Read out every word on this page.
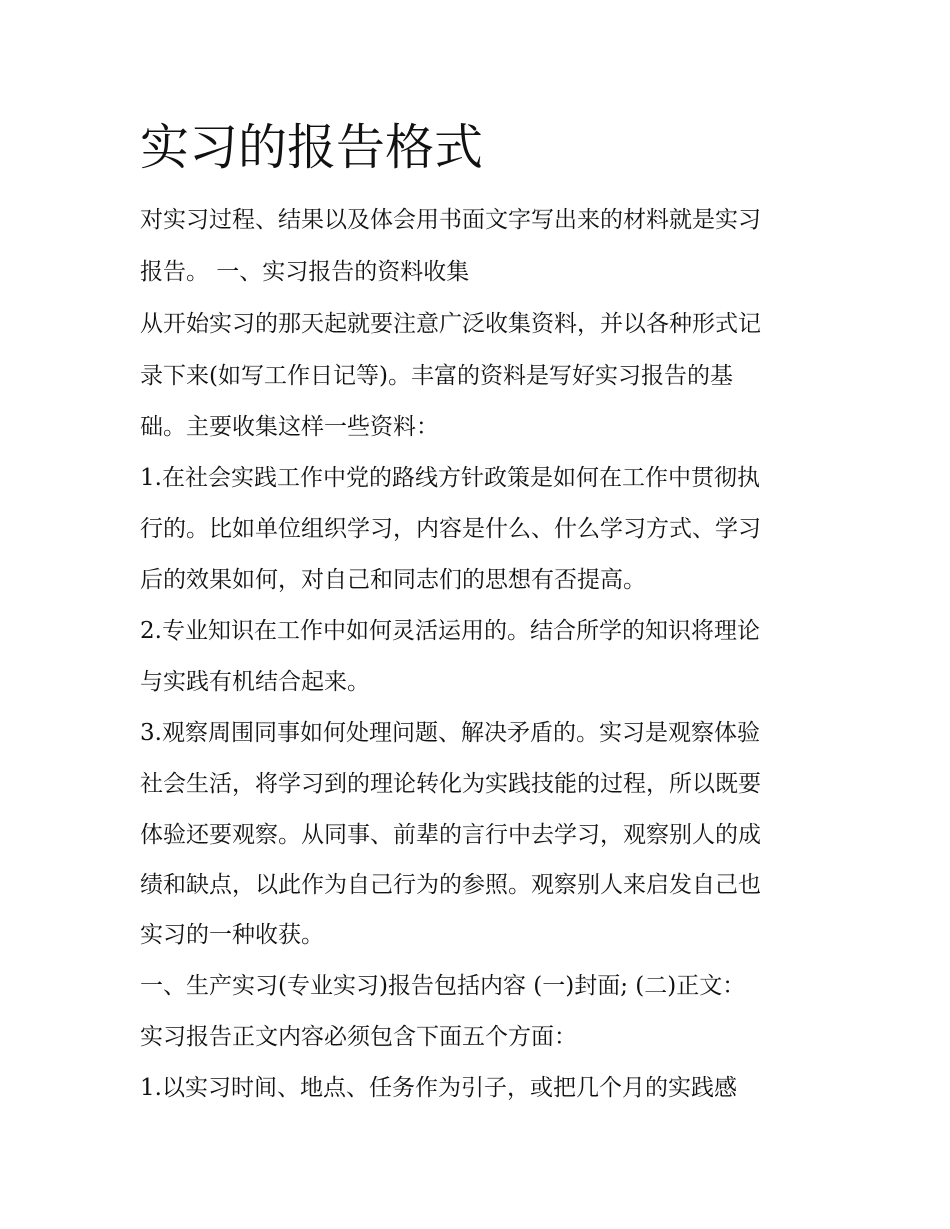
实习的报告格式

对实习过程、结果以及体会用书面文字写出来的材料就是实习

报告。 一、实习报告的资料收集

从开始实习的那天起就要注意广泛收集资料，并以各种形式记

录下来(如写工作日记等)。丰富的资料是写好实习报告的基

础。主要收集这样一些资料：

1.在社会实践工作中党的路线方针政策是如何在工作中贯彻执

行的。比如单位组织学习，内容是什么、什么学习方式、学习

后的效果如何，对自己和同志们的思想有否提高。

2.专业知识在工作中如何灵活运用的。结合所学的知识将理论

与实践有机结合起来。

3.观察周围同事如何处理问题、解决矛盾的。实习是观察体验

社会生活，将学习到的理论转化为实践技能的过程，所以既要

体验还要观察。从同事、前辈的言行中去学习，观察别人的成

绩和缺点，以此作为自己行为的参照。观察别人来启发自己也

实习的一种收获。

一、生产实习(专业实习)报告包括内容 (一)封面; (二)正文：

实习报告正文内容必须包含下面五个方面：

1.以实习时间、地点、任务作为引子，或把几个月的实践感
